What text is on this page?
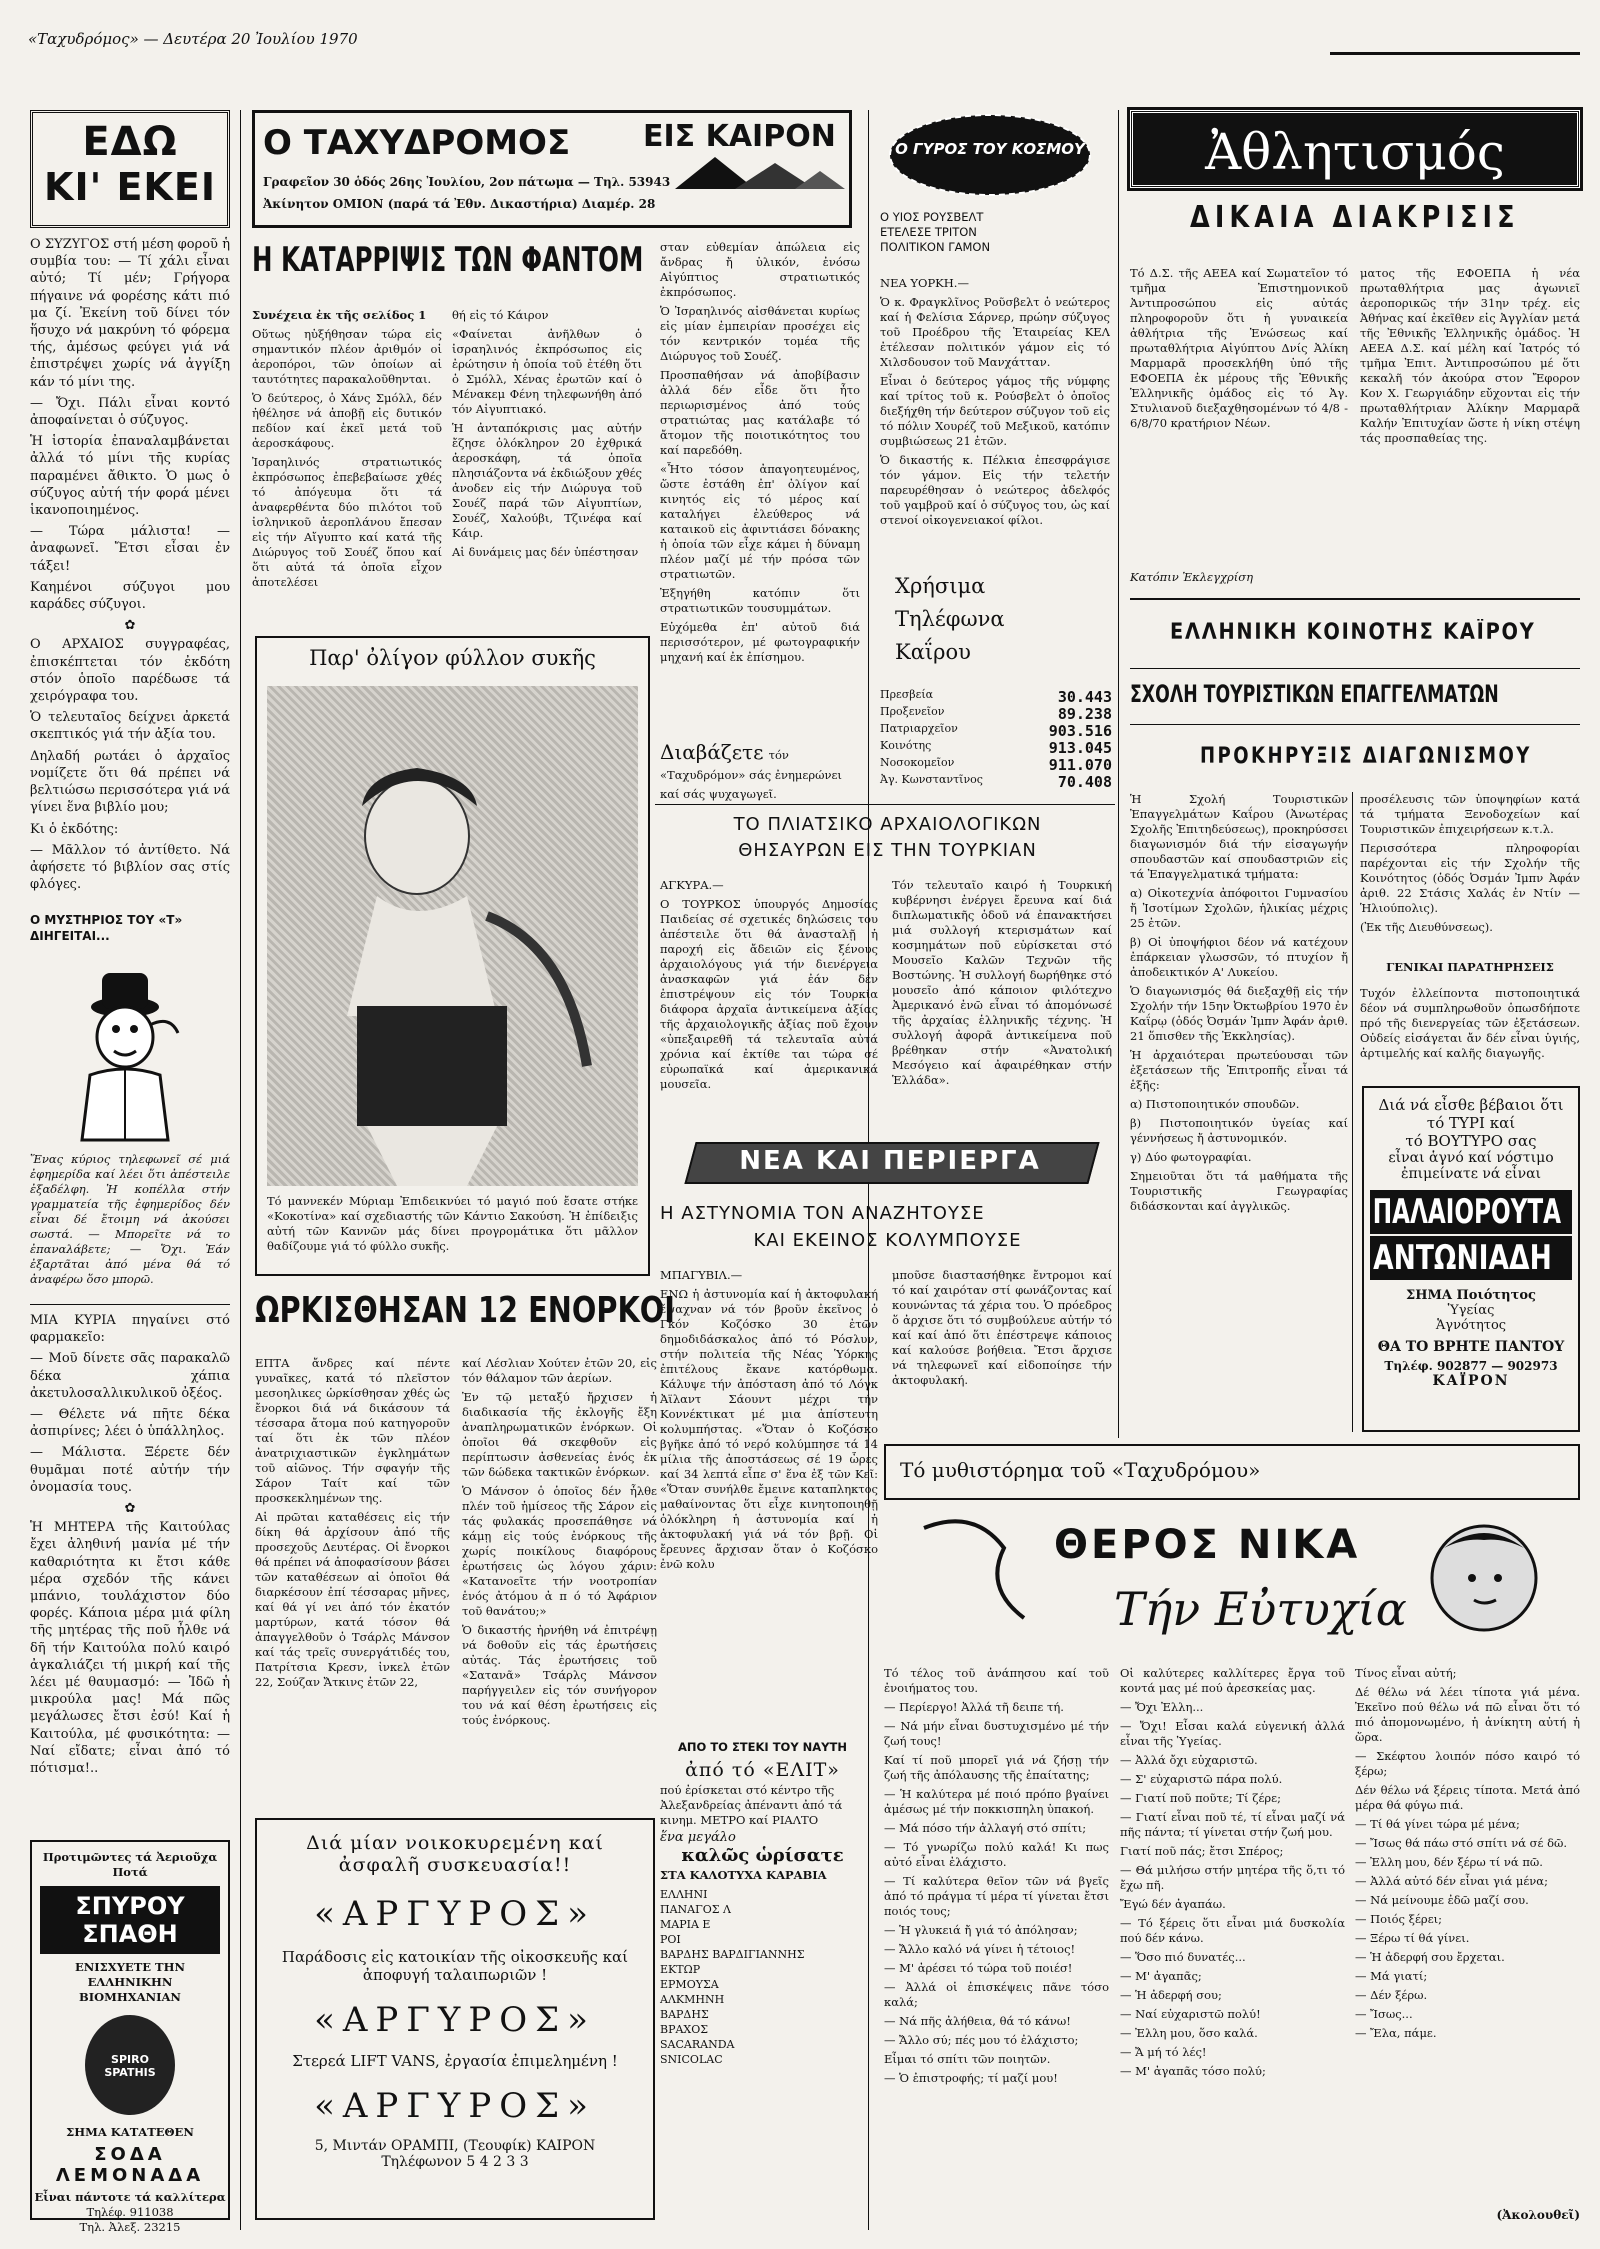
«Ταχυδρόμος» — Δευτέρα 20 Ἰουλίου 1970
ΕΔΩ
ΚΙ' ΕΚΕΙ

Ο ΣΥΖΥΓΟΣ στή μέση φοροῦ ἡ συμβία του: — Τί χάλι εἶναι αὐτό; Τί μέν; Γρήγορα πήγαινε νά φορέσης κάτι πιό μα ζί. Ἐκείνη τοῦ δίνει τόν ἥσυχο νά μακρύνη τό φόρεμα τής, ἀμέσως φεύγει γιά νά ἐπιστρέψει χωρίς νά ἀγγίξη κάν τό μίνι της.

— Ὄχι. Πάλι εἶναι κοντό ἀποφαίνεται ὁ σύζυγος.

Ἡ ἱστορία ἐπαναλαμβάνεται ἀλλά τό μίνι τῆς κυρίας παραμένει ἄθικτο. Ὁ μως ὁ σύζυγος αὐτή τήν φορά μένει ἱκανοποιημένος.

— Τώρα μάλιστα! — ἀναφωνεῖ. Ἔτσι εἶσαι ἐν τάξει!

Καημένοι σύζυγοι μου καράδες σύζυγοι.

✿

Ο ΑΡΧΑΙΟΣ συγγραφέας, ἐπισκέπτεται τόν ἐκδότη στόν ὁποῖο παρέδωσε τά χειρόγραφα του.

Ὁ τελευταῖος δείχνει ἀρκετά σκεπτικός γιά τήν ἀξία του.

Δηλαδή ρωτάει ὁ ἀρχαῖος νομίζετε ὅτι θά πρέπει νά βελτιώσω περισσότερα γιά νά γίνει ἕνα βιβλίο μου;

Κι ὁ ἐκδότης:

— Μᾶλλον τό ἀντίθετο. Νά ἀφήσετε τό βιβλίον σας στίς φλόγες.

Ο ΜΥΣΤΗΡΙΟΣ ΤΟΥ «Τ» ΔΙΗΓΕΙΤΑΙ...
Ἕνας κύριος τηλεφωνεῖ σέ μιά ἐφημερίδα καί λέει ὅτι ἀπέστειλε ἐξαδέλφη. Ἡ κοπέλλα στήν γραμματεία τῆς ἐφημερίδος δέν εἶναι δέ ἔτοιμη νά ἀκούσει σωστά. — Μπορεῖτε νά το ἐπαναλάβετε; — Ὄχι. Ἐάν ἐξαρτᾶται ἀπό μένα θά τό ἀναφέρω ὅσο μπορῶ.

ΜΙΑ ΚΥΡΙΑ πηγαίνει στό φαρμακεῖο:

— Μοῦ δίνετε σᾶς παρακαλῶ δέκα χάπια ἀκετυλοσαλλικυλικοῦ ὀξέος.

— Θέλετε νά πῆτε δέκα ἀσπιρίνες; λέει ὁ ὑπάλληλος.

— Μάλιστα. Ξέρετε δέν θυμᾶμαι ποτέ αὐτήν τήν ὀνομασία τους.

✿

Ἡ ΜΗΤΕΡΑ τῆς Καιτούλας ἔχει ἀληθινή μανία μέ τήν καθαριότητα κι ἔτσι κάθε μέρα σχεδόν τῆς κάνει μπάνιο, τουλάχιστον δύο φορές. Κάποια μέρα μιά φίλη τῆς μητέρας τῆς ποῦ ἦλθε νά δῆ τήν Καιτούλα πολύ καιρό ἀγκαλιάζει τή μικρή καί τῆς λέει μέ θαυμασμό: — Ἰδῶ ἡ μικρούλα μας! Μά πῶς μεγάλωσες ἔτσι ἐσύ! Καί ἡ Καιτούλα, μέ φυσικότητα: — Ναί εἴδατε; εἶναι ἀπό τό πότισμα!..

Προτιμῶντες τά Ἀεριοῦχα Ποτά
ΣΠΥΡΟΥ ΣΠΑΘΗ
ΕΝΙΣΧΥΕΤΕ ΤΗΝ ΕΛΛΗΝΙΚΗΝ ΒΙΟΜΗΧΑΝΙΑΝ
SPIRO SPATHIS
ΣΗΜΑ ΚΑΤΑΤΕΘΕΝ
ΣΟΔΑ ΛΕΜΟΝΑΔΑ
Εἶναι πάντοτε τά καλλίτερα
Τηλέφ. 911038
Τηλ. Ἀλεξ. 23215
Ο ΤΑΧΥΔΡΟΜΟΣ ΕΙΣ ΚΑΙΡΟΝ
Γραφεῖον 30 ὁδός 26ης Ἰουλίου, 2ον πάτωμα — Τηλ. 53943
Ἀκίνητον ΟΜΙΟΝ (παρά τά Ἐθν. Δικαστήρια) Διαμέρ. 28
Η ΚΑΤΑΡΡΙΨΙΣ ΤΩΝ ΦΑΝΤΟΜ

Συνέχεια ἐκ τῆς σελίδος 1

Οὕτως ηὑξήθησαν τώρα εἰς σημαντικόν πλέον ἀριθμόν οἱ ἀεροπόροι, τῶν ὁποίων αἱ ταυτότητες παρακαλοῦθηνται.

Ὁ δεύτερος, ὁ Χάνς Σμόλλ, δέν ἠθέλησε νά ἀποβῇ εἰς δυτικόν πεδίον καί ἐκεῖ μετά τοῦ ἀεροσκάφους.

Ἰσραηλινός στρατιωτικός ἐκπρόσωπος ἐπεβεβαίωσε χθές τό ἀπόγευμα ὅτι τά ἀναφερθέντα δύο πιλότοι τοῦ ἰσληνικοῦ ἀεροπλάνου ἔπεσαν εἰς τήν Αἴγυπτο καί κατά τῆς Διώρυγος τοῦ Σουέζ ὅπου καί ὅτι αὐτά τά ὁποῖα εἶχον ἀποτελέσει

θή εἰς τό Κάιρον

«Φαίνεται ἀνῆλθων ὁ ἰσραηλινός ἐκπρόσωπος εἰς ἐρώτησιν ἡ ὁποία τοῦ ἐτέθη ὅτι ὁ Σμόλλ, Χένας ἐρωτῶν καί ὁ Μένακεμ Φένη τηλεφωνήθη ἀπό τόν Αἰγυπτιακό.

Ἡ ἀνταπόκρισις μας αὐτήν ἔζησε ὁλόκληρον 20 ἐχθρικά ἀεροσκάφη, τά ὁποῖα πλησιάζοντα νά ἐκδιώξουν χθές ἀνοδεν εἰς τήν Διώρυγα τοῦ Σουέζ παρά τῶν Αἰγυπτίων, Σουέζ, Χαλούβι, Τζινέφα καί Κάιρ.

Αἱ δυνάμεις μας δέν ὑπέστησαν

σταν εὐθεμίαν ἀπώλεια εἰς ἄνδρας ἤ ὑλικόν, ἐνόσω Αἰγύπτιος στρατιωτικός ἐκπρόσωπος.

Ὁ Ἰσραηλινός αἰσθάνεται κυρίως εἰς μίαν ἐμπειρίαν προσέχει εἰς τόν κεντρικόν τομέα τῆς Διώρυγος τοῦ Σουέζ.

Προσπαθήσαν νά ἀποβίβασιν ἀλλά δέν εἶδε ὅτι ἦτο περιωρισμένος ἀπό τούς στρατιώτας μας κατάλαβε τό ἄτομον τῆς ποιοτικότητος του καί παρεδόθη.

«Ἧτο τόσον ἀπαγοητευμένος, ὥστε ἐστάθη ἐπ' ὀλίγον καί κινητός εἰς τό μέρος καί καταλήγει ἐλεύθερος νά καταικοῦ εἰς ἀφιντιάσει δόνακης ἡ ὁποία τῶν εἶχε κάμει ἡ δύναμη πλέον μαζί μέ τήν πρόσα τῶν στρατιωτῶν.

Ἐξηγήθη κατόπιν ὅτι στρατιωτικῶν τουσυμμάτων.

Εὐχόμεθα ἐπ' αὐτοῦ διά περισσότερον, μέ φωτογραφικήν μηχανή καί ἐκ ἐπίσημου.

Παρ' ὀλίγον φύλλον συκῆς
Τό μαννεκέν Μύριαμ Ἐπιδεικνύει τό μαγιό πού ἔσατε στήκε «Κοκοτίνα» καί σχεδιαστής τῶν Κάντιο Σακούση. Ἡ ἐπίδειξις αὐτή τῶν Καννῶν μάς δίνει προγρομάτικα ὅτι μᾶλλον θαδίζουμε γιά τό φύλλο συκῆς.
ΩΡΚΙΣΘΗΣΑΝ 12 ΕΝΟΡΚΟΙ

ΕΠΤΑ ἄνδρες καί πέντε γυναῖκες, κατά τό πλεῖστον μεσοηλικες ὡρκίσθησαν χθές ὡς ἔνορκοι διά νά δικάσουν τά τέσσαρα ἄτομα πού κατηγοροῦν ταί ὅτι ἐκ τῶν πλέον ἀνατριχιαστικῶν ἐγκλημάτων τοῦ αἰῶνος. Τήν σφαγήν τῆς Σάρον Ταίτ καί τῶν προσκεκλημένων της.

Αἱ πρῶται καταθέσεις εἰς τήν δίκη θά ἀρχίσουν ἀπό τῆς προσεχοῦς Δευτέρας. Οἱ ἔνορκοι θά πρέπει νά ἀποφασίσουν βάσει τῶν καταθέσεων αἱ ὁποῖοι θά διαρκέσουν ἐπί τέσσαρας μῆνες, καί θά γί νει ἀπό τόν ἐκατόν μαρτύρων, κατά τόσον θά ἀπαγγελθοῦν ὁ Τσάρλς Μάνσον καί τάς τρεῖς συνεργάτιδές του, Πατρίτσια Κρεσν, ἰνκελ ἐτῶν 22, Σούζαν Ἄτκινς ἐτῶν 22,

καί Λέσλιαν Χούτεν ἐτῶν 20, εἰς τόν θάλαμον τῶν ἀερίων.

Ἐν τῷ μεταξύ ἤρχισεν ἡ διαδικασία τῆς ἐκλογῆς ἔξη ἀναπληρωματικῶν ἐνόρκων. Οἱ ὁποῖοι θά σκεφθοῦν εἰς περίπτωσιν ἀσθενείας ἑνός ἐκ τῶν δώδεκα τακτικῶν ἐνόρκων.

Ὁ Μάνσον ὁ ὁποῖος δέν ἦλθε πλέν τοῦ ἡμίσεος τῆς Σάρον εἰς τάς φυλακάς προσεπάθησε νά κάμῃ εἰς τούς ἐνόρκους τῆς χωρίς ποικίλους διαφόρους ἐρωτήσεις ὡς λόγου χάριν: «Κατανοεῖτε τήν νοοτροπίαν ἑνός ἀτόμου ἀ π ό τό Ἀφάριον τοῦ θανάτου;»

Ὁ δικαστής ἠρνήθη νά ἐπιτρέψῃ νά δοθοῦν εἰς τάς ἐρωτήσεις αὐτάς. Τάς ἐρωτήσεις τοῦ «Σατανᾶ» Τσάρλς Μάνσον παρήγγειλεν εἰς τόν συνήγορον του νά καί θέση ἐρωτήσεις εἰς τούς ἐνόρκους.

Διά μίαν νοικοκυρεμένη καί ἀσφαλῆ συσκευασία!!
«ΑΡΓΥΡΟΣ»
Παράδοσις εἰς κατοικίαν τῆς οἰκοσκευῆς καί ἀποφυγή ταλαιπωριῶν !
«ΑΡΓΥΡΟΣ»
Στερεά LIFT VANS, ἐργασία ἐπιμελημένη !
«ΑΡΓΥΡΟΣ»
5, Μιντάν ΟΡΑΜΠΙ, (Τεουφίκ) ΚΑΙΡΟΝ
Τηλέφωνον 5 4 2 3 3
Ο ΓΥΡΟΣ ΤΟΥ ΚΟΣΜΟΥ
Ο ΥΙΟΣ ΡΟΥΣΒΕΛΤ
ΕΤΕΛΕΣΕ ΤΡΙΤΟΝ
ΠΟΛΙΤΙΚΟΝ ΓΑΜΟΝ

ΝΕΑ ΥΟΡΚΗ.—

Ὁ κ. Φραγκλῖνος Ροῦσβελτ ὁ νεώτερος καί ἡ Φελίσια Σάρνερ, πρώην σύζυγος τοῦ Προέδρου τῆς Ἑταιρείας ΚΕΛ ἐτέλεσαν πολιτικόν γάμον εἰς τό Χιλσδουσον τοῦ Μανχάτταν.

Εἶναι ὁ δεύτερος γάμος τῆς νύμφης καί τρίτος τοῦ κ. Ρούσβελτ ὁ ὁποῖος διεξήχθη τήν δεύτερον σύζυγον τοῦ εἰς τό πόλιν Χουρέζ τοῦ Μεξικοῦ, κατόπιν συμβιώσεως 21 ἐτῶν.

Ὁ δικαστής κ. Πέλκια ἐπεσφράγισε τόν γάμον. Εἰς τήν τελετήν παρευρέθησαν ὁ νεώτερος ἀδελφός τοῦ γαμβροῦ καί ὁ σύζυγος του, ὡς καί στενοί οἰκογενειακοί φίλοι.

Χρήσιμα
Τηλέφωνα
Καΐρου
Πρεσβεία	30.443
Προξενεῖον	89.238
Πατριαρχεῖον	903.516
Κοινότης	913.045
Νοσοκομεῖον	911.070
Ἀγ. Κωνσταντῖνος	70.408
Διαβάζετε τόν «Ταχυδρόμον» σάς ἐνημερώνει καί σάς ψυχαγωγεῖ.
ΤΟ ΠΛΙΑΤΣΙΚΟ ΑΡΧΑΙΟΛΟΓΙΚΩΝ
ΘΗΣΑΥΡΩΝ ΕΙΣ ΤΗΝ ΤΟΥΡΚΙΑΝ

ΑΓΚΥΡΑ.—

Ο ΤΟΥΡΚΟΣ ὑπουργός Δημοσίας Παιδείας σέ σχετικές δηλώσεις του ἀπέστειλε ὅτι θά ἀνασταλῇ ἡ παροχή εἰς ἄδειῶν εἰς ξένους ἀρχαιολόγους γιά τήν διενέργεια ἀνασκαφῶν γιά ἐάν δέν ἐπιστρέψουν εἰς τόν Τουρκία διάφορα ἀρχαῖα ἀντικείμενα ἀξίας τῆς ἀρχαιολογικῆς ἀξίας ποῦ ἔχουν «ὑπεξαιρεθῆ τά τελευταῖα αὐτά χρόνια καί ἐκτίθε ται τώρα σέ εὐρωπαϊκά καί ἀμερικανικά μουσεῖα.

Τόν τελευταῖο καιρό ἡ Τουρκική κυβέρνησι ἐνέργει ἔρευνα καί διά διπλωματικῆς ὁδοῦ νά ἐπανακτήσει μιά συλλογή κτερισμάτων καί κοσμημάτων ποῦ εὑρίσκεται στό Μουσεῖο Καλῶν Τεχνῶν τῆς Βοστώνης. Ἡ συλλογή δωρήθηκε στό μουσεῖο ἀπό κάποιον φιλότεχνο Ἀμερικανό ἐνῶ εἶναι τό ἀπομόνωσέ τῆς ἀρχαίας ἑλληνικῆς τέχνης. Ἡ συλλογή ἀφορᾶ ἀντικείμενα ποῦ βρέθηκαν στήν «Ἀνατολική Μεσόγειο καί ἀφαιρέθηκαν στήν Ἑλλάδα».

ΝΕΑ ΚΑΙ ΠΕΡΙΕΡΓΑ
Η ΑΣΤΥΝΟΜΙΑ ΤΟΝ ΑΝΑΖΗΤΟΥΣΕ
ΚΑΙ ΕΚΕΙΝΟΣ ΚΟΛΥΜΠΟΥΣΕ

ΜΠΑΓΥΒΙΛ.—

ΕΝΩ ἡ ἀστυνομία καί ἡ ἀκτοφυλακή ἔψαχναν νά τόν βροῦν ἐκεῖνος ὁ Γκόν Κοζόσκο 30 ἐτῶν δημοδιδάσκαλος ἀπό τό Ρόσλυν, στήν πολιτεία τῆς Νέας Ὑόρκης ἐπιτέλους ἔκανε κατόρθωμα. Κάλυψε τήν ἀπόσταση ἀπό τό Λόγκ Ἀϊλαντ Σάουντ μέχρι τήν Κοννέκτικατ μέ μια ἀπίστευτη κολυμπήστας. «Ὅταν ὁ Κοζόσκο βγῆκε ἀπό τό νερό κολύμπησε τά 14 μίλια τῆς ἀποστάσεως σέ 19 ὧρες καί 34 λεπτά εἶπε σ' ἕνα ἐξ τῶν Κεῖ: «Ὅταν συνήλθε ἔμεινε καταπληκτος μαθαίνοντας ὅτι εἶχε κινητοποιηθῇ ὁλόκληρη ἡ ἀστυνομία καί ἡ ἀκτοφυλακή γιά νά τόν βρῇ. Οἱ ἔρευνες ἄρχισαν ὅταν ὁ Κοζόσκο ἐνῶ κολυ

μποῦσε διαστασήθηκε ἔντρομοι καί τό καί χαιρόταν στί φωνάζοντας καί κουνώντας τά χέρια του. Ὁ πρόεδρος ὅ ἀρχισε ὅτι τό συμβούλευε αὐτήν τό καί καί ἀπό ὅτι ἐπέστρεψε κάποιος καί καλούσε βοήθεια. Ἔτσι ἄρχισε νά τηλεφωνεῖ καί εἰδοποίησε τήν ἀκτοφυλακή.

ΑΠΟ ΤΟ ΣΤΕΚΙ ΤΟΥ ΝΑΥΤΗ
ἀπό τό «ΕΛΙΤ»
πού ἐρίσκεται στό κέντρο τῆς Ἀλεξανδρείας ἀπέναντι ἀπό τά κινημ. ΜΕΤΡΟ καί ΡΙΑΛΤΟ
ἕνα μεγάλο
καλῶς ὡρίσατε
ΣΤΑ ΚΑΛΟΤΥΧΑ ΚΑΡΑΒΙΑ
ΕΛΛΗΝΙ
ΠΑΝΑΓΟΣ Λ
ΜΑΡΙΑ Ε
ΡΟΙ
ΒΑΡΔΗΣ ΒΑΡΔΙΓΙΑΝΝΗΣ
ΕΚΤΩΡ
ΕΡΜΟΥΣΑ
ΑΛΚΜΗΝΗ
ΒΑΡΔΗΣ
ΒΡΑΧΟΣ
SACARANDA
SNICOLAC
Τό μυθιστόρημα τοῦ «Ταχυδρόμου»
ΘΕΡΟΣ ΝΙΚΑ
Τήν Εὐτυχία

Τό τέλος τοῦ ἀνάπησου καί τοῦ ἐνοιήματος του.

— Περίεργο! Ἀλλά τῆ δειπε τή.

— Νά μήν εἶναι δυστυχισμένο μέ τήν ζωή τους!

Καί τί ποῦ μπορεῖ γιά νά ζήσῃ τήν ζωή τῆς ἀπόλαυσης τῆς ἐπαίτατης;

— Ἡ καλύτερα μέ ποιό πρόπο βγαίνει ἀμέσως μέ τήν ποκκισπηλη ὑπακοή.

— Μά πόσο τήν ἀλλαγή στό σπίτι;

— Τό γνωρίζω πολύ καλά! Κι πως αὐτό εἶναι ἐλάχιστο.

— Τί καλύτερα θεῖον τῶν νά βγεῖς ἀπό τό πράγμα τί μέρα τί γίνεται ἔτσι ποιός τους;

— Ἡ γλυκειά ἤ γιά τό ἀπόλησαν;

— Ἄλλο καλό νά γίνει ἡ τέτοιος!

— Μ' ἀρέσει τό τώρα τοῦ ποιέσ!

— Ἀλλά οἱ ἐπισκέψεις πᾶνε τόσο καλά;

— Νά πῆς ἀλήθεια, θά τό κάνω!

— Ἄλλο σύ; πές μου τό ἐλάχιστο;

Εἶμαι τό σπίτι τῶν ποιητῶν.

— Ὁ ἐπιστροφής; τί μαζί μου!

Οἱ καλύτερες καλλίτερες ἔργα τοῦ κοντά μας μέ πού ἀρεσκείας μας.

— Ὄχι Ἐλλη...

— Ὄχι! Εἶσαι καλά εὐγενική ἀλλά εἶναι τῆς Ὑγείας.

— Ἀλλά ὄχι εὐχαριστῶ.

— Σ' εὐχαριστῶ πάρα πολύ.

— Γιατί ποῦ ποῦτε; Τί ζέρε;

— Γιατί εἶναι ποῦ τέ, τί εἶναι μαζί νά πῆς πάντα; τί γίνεται στήν ζωή μου.

Γιατί ποῦ πάς; ἔτσι Σπέρος;

— Θά μιλήσω στήν μητέρα τῆς ὅ,τι τό ἔχω πῆ.

Ἔγώ δέν ἀγαπάω.

— Τό ξέρεις ὅτι εἶναι μιά δυσκολία πού δέν κάνω.

— Ὅσο πιό δυνατές...

— Μ' ἀγαπᾶς;

— Ἡ ἀδερφή σου;

— Ναί εὐχαριστῶ πολύ!

— Ἐλλη μου, ὅσο καλά.

— Ἄ μή τό λές!

— Μ' ἀγαπᾶς τόσο πολύ;

Τίνος εἶναι αὐτή;

Δέ θέλω νά λέει τίποτα γιά μένα. Ἐκεῖνο πού θέλω νά πῶ εἶναι ὅτι τό πιό ἀπομονωμένο, ἡ ἀνίκητη αὐτή ἡ ὥρα.

— Σκέφτου λοιπόν πόσο καιρό τό ξέρω;

Δέν θέλω νά ξέρεις τίποτα. Μετά ἀπό μέρα θά φύγω πιά.

— Τί θά γίνει τώρα μέ μένα;

— Ἴσως θά πάω στό σπίτι νά σέ δῶ.

— Ἐλλη μου, δέν ξέρω τί νά πῶ.

— Ἀλλά αὐτό δέν εἶναι γιά μένα;

— Νά μείνουμε ἐδῶ μαζί σου.

— Ποιός ξέρει;

— Ξέρω τί θά γίνει.

— Ἡ ἀδερφή σου ἔρχεται.

— Μά γιατί;

— Δέν ξέρω.

— Ἴσως...

— Ἔλα, πάμε.

(Ἀκολουθεῖ)
Ἀθλητισμός
ΔΙΚΑΙΑ ΔΙΑΚΡΙΣΙΣ
Τό Δ.Σ. τῆς ΑΕΕΑ καί Σωματεῖον τό τμῆμα Ἐπιστημονικοῦ Ἀντιπροσώπου εἰς αὐτάς πληροφοροῦν ὅτι ἡ γυναικεία ἀθλήτρια τῆς Ἑνώσεως καί πρωταθλήτρια Αἰγύπτου Δνίς Ἀλίκη Μαρμαρᾶ προσεκλήθη ὑπό τῆς ΕΦΟΕΠΑ ἐκ μέρους τῆς Ἐθνικῆς Ἑλληνικῆς ὁμάδος εἰς τό Ἀγ. Στυλιανοῦ διεξαχθησομένων τό 4/8 - 6/8/70 κρατήριον Νέων.
ματος τῆς ΕΦΟΕΠΑ ἡ νέα πρωταθλήτρια μας ἀγωνιεῖ ἀεροπορικῶς τήν 31ην τρέχ. εἰς Ἀθήνας καί ἐκεῖθεν εἰς Ἀγγλίαν μετά τῆς Ἐθνικῆς Ἑλληνικῆς ὁμάδος. Ἡ ΑΕΕΑ Δ.Σ. καί μέλη καί Ἰατρός τό τμῆμα Ἐπιτ. Ἀντιπροσώπου μέ ὅτι κεκαλῆ τόν ἀκούρα στον Ἔφορον Κον Χ. Γεωργιάδην εὔχονται εἰς τήν πρωταθλήτριαν Ἀλίκην Μαρμαρᾶ Καλήν Ἐπιτυχίαν ὥστε ἡ νίκη στέψη τάς προσπαθείας της.
Κατόπιν Ἐκλεγχρίση
ΕΛΛΗΝΙΚΗ ΚΟΙΝΟΤΗΣ ΚΑΪΡΟΥ
ΣΧΟΛΗ ΤΟΥΡΙΣΤΙΚΩΝ ΕΠΑΓΓΕΛΜΑΤΩΝ
ΠΡΟΚΗΡΥΞΙΣ ΔΙΑΓΩΝΙΣΜΟΥ

Ἡ Σχολή Τουριστικῶν Ἐπαγγελμάτων Καΐρου (Ἀνωτέρας Σχολῆς Ἐπιτηδεύσεως), προκηρύσσει διαγωνισμόν διά τήν εἰσαγωγήν σπουδαστῶν καί σπουδαστριῶν εἰς τά Ἐπαγγελματικά τμήματα:

α) Οἰκοτεχνία ἀπόφοιτοι Γυμνασίου ἤ Ἰσοτίμων Σχολῶν, ἡλικίας μέχρις 25 ἐτῶν.

β) Οἱ ὑποψήφιοι δέον νά κατέχουν ἐπάρκειαν γλωσσῶν, τό πτυχίον ἤ ἀποδεικτικόν Α' Λυκείου.

Ὁ διαγωνισμός θά διεξαχθῇ εἰς τήν Σχολήν τήν 15ην Ὀκτωβρίου 1970 ἐν Καΐρῳ (ὁδός Ὀσμάν Ἰμπν Ἀφάν ἀριθ. 21 ὅπισθεν τῆς Ἐκκλησίας).

Ἡ ἀρχαιότεραι πρωτεύουσαι τῶν ἐξετάσεων τῆς Ἐπιτροπῆς εἶναι τά ἑξῆς:

α) Πιστοποιητικόν σπουδῶν.

β) Πιστοποιητικόν ὑγείας καί γέννήσεως ἤ ἀστυνομικόν.

γ) Δύο φωτογραφίαι.

Σημειοῦται ὅτι τά μαθήματα τῆς Τουριστικῆς Γεωγραφίας διδάσκονται καί ἀγγλικῶς.

προσέλευσις τῶν ὑποψηφίων κατά τά τμήματα Ξενοδοχείων καί Τουριστικῶν ἐπιχειρήσεων κ.τ.λ.

Περισσότερα πληροφορίαι παρέχονται εἰς τήν Σχολήν τῆς Κοινότητος (ὁδός Ὀσμάν Ἰμπν Ἀφάν ἀριθ. 22 Στάσις Χαλάς ἐν Ντίν — Ἡλιούπολις).

(Ἐκ τῆς Διευθύνσεως).

ΓΕΝΙΚΑΙ ΠΑΡΑΤΗΡΗΣΕΙΣ
Τυχόν ἐλλείποντα πιστοποιητικά δέον νά συμπληρωθοῦν ὁπωσδήποτε πρό τῆς διενεργείας τῶν ἐξετάσεων. Οὐδείς εἰσάγεται ἄν δέν εἶναι ὑγιής, ἀρτιμελής καί καλῆς διαγωγῆς.
Διά νά εἶσθε βέβαιοι ὅτι
τό ΤΥΡΙ καί
τό ΒΟΥΤΥΡΟ σας
εἶναι ἁγνό καί νόστιμο
ἐπιμείνατε νά εἶναι
ΠΑΛΑΙΟΡΟΥΤΑ
ΑΝΤΩΝΙΑΔΗ
ΣΗΜΑ Ποιότητος
Ὑγείας
Ἁγνότητος
ΘΑ ΤΟ ΒΡΗΤΕ ΠΑΝΤΟΥ
Τηλέφ. 902877 — 902973
ΚΑΪΡΟΝ
